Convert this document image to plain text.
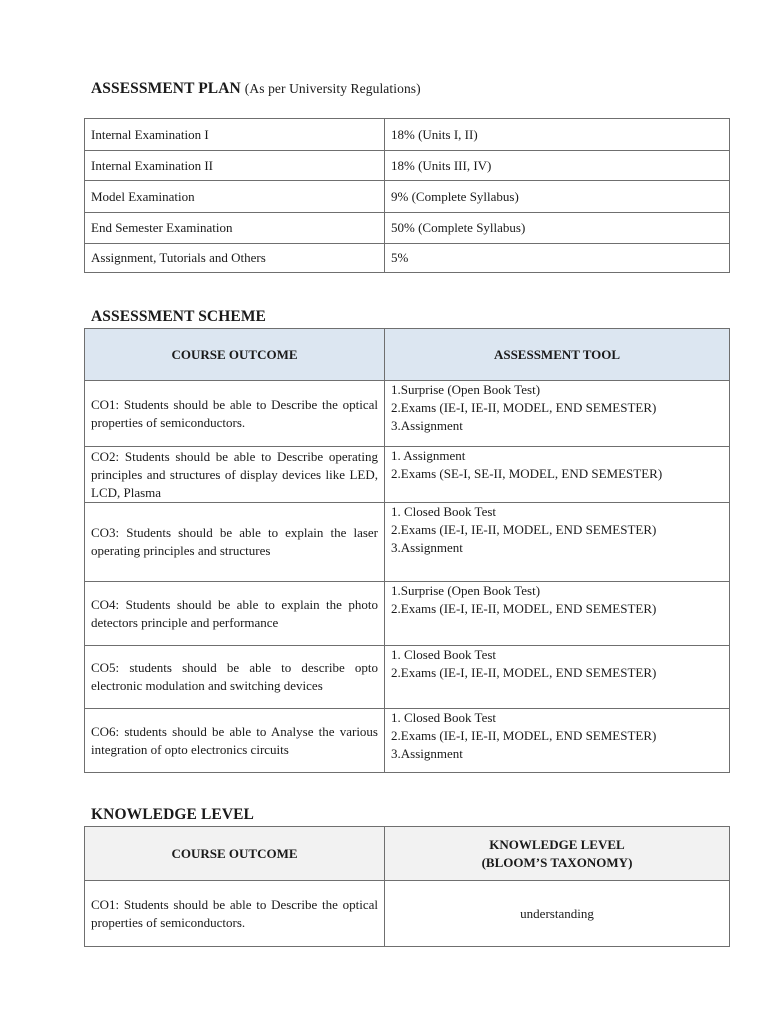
ASSESSMENT PLAN (As per University Regulations)
Internal Examination I	18% (Units I, II)
Internal Examination II	18% (Units III, IV)
Model Examination	9% (Complete Syllabus)
End Semester Examination	50% (Complete Syllabus)
Assignment, Tutorials and Others	5%
ASSESSMENT SCHEME
COURSE OUTCOME	ASSESSMENT TOOL
CO1: Students should be able to Describe the optical properties of semiconductors.	1.Surprise (Open Book Test)
2.Exams (IE-I, IE-II, MODEL, END SEMESTER)
3.Assignment

CO2: Students should be able to Describe operating principles and structures of display devices like LED, LCD, Plasma	1. Assignment
2.Exams (SE-I, SE-II, MODEL, END SEMESTER)

CO3: Students should be able to explain the laser operating principles and structures	1. Closed Book Test
2.Exams (IE-I, IE-II, MODEL, END SEMESTER)
3.Assignment

CO4: Students should be able to explain the photo detectors principle and performance	1.Surprise (Open Book Test)
2.Exams (IE-I, IE-II, MODEL, END SEMESTER)

CO5: students should be able to describe opto electronic modulation and switching devices	1. Closed Book Test
2.Exams (IE-I, IE-II, MODEL, END SEMESTER)

CO6: students should be able to Analyse the various integration of opto electronics circuits	1. Closed Book Test
2.Exams (IE-I, IE-II, MODEL, END SEMESTER)
3.Assignment
KNOWLEDGE LEVEL
COURSE OUTCOME	KNOWLEDGE LEVEL
(BLOOM’S TAXONOMY)

CO1: Students should be able to Describe the optical properties of semiconductors.	understanding
